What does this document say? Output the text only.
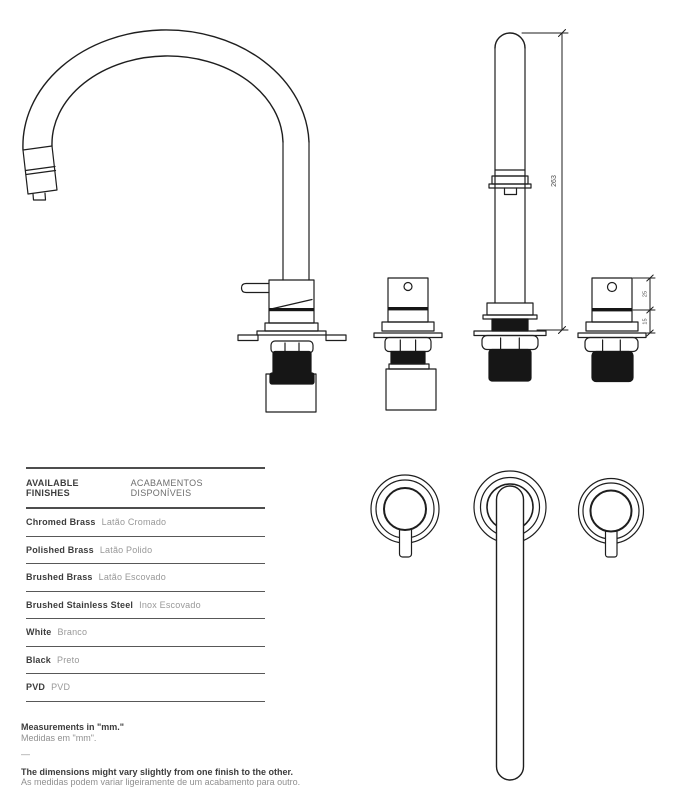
263
25
15
AVAILABLE FINISHES
ACABAMENTOS DISPONÍVEIS
Chromed Brass Latão Cromado
Polished Brass Latão Polido
Brushed Brass Latão Escovado
Brushed Stainless Steel Inox Escovado
White Branco
Black Preto
PVD PVD
Measurements in "mm."
Medidas em "mm".
—
The dimensions might vary slightly from one finish to the other.
As medidas podem variar ligeiramente de um acabamento para outro.
